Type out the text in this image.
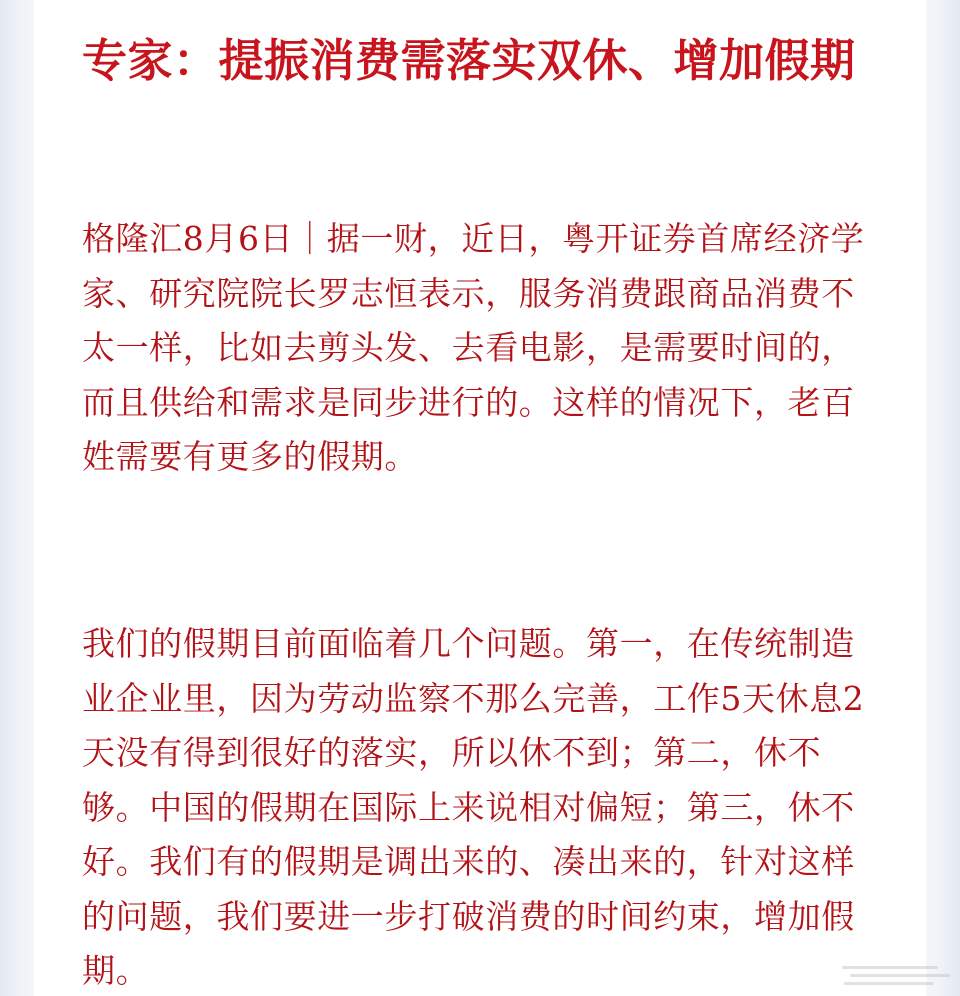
专家：提振消费需落实双休、增加假期

格隆汇8月6日｜据一财，近日，粤开证券首席经济学家、研究院院长罗志恒表示，服务消费跟商品消费不太一样，比如去剪头发、去看电影，是需要时间的，而且供给和需求是同步进行的。这样的情况下，老百姓需要有更多的假期。

我们的假期目前面临着几个问题。第一，在传统制造业企业里，因为劳动监察不那么完善，工作5天休息2天没有得到很好的落实，所以休不到；第二，休不够。中国的假期在国际上来说相对偏短；第三，休不好。我们有的假期是调出来的、凑出来的，针对这样的问题，我们要进一步打破消费的时间约束，增加假期。
